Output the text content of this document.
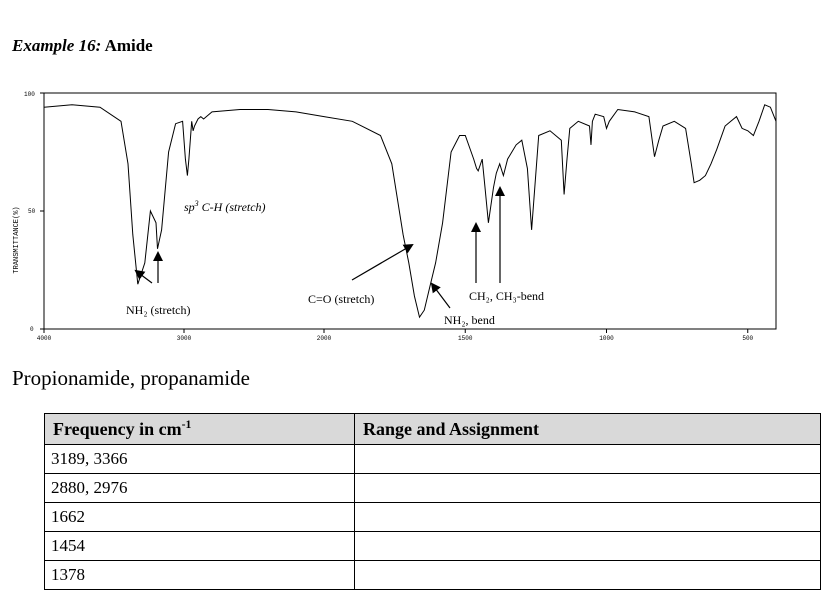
Example 16: Amide
TRANSMITTANCE(%)
100
50
0
4000	3000	2000	1500	1000	500
NH₂ (stretch)
$sp^3$ C-H (stretch)
C=O (stretch)
NH₂, bend
CH₂, CH₃-bend
Propionamide, propanamide
Frequency in $cm^{-1}$	Range and Assignment
3189, 3366	
2880, 2976	
1662	
1454	
1378	
